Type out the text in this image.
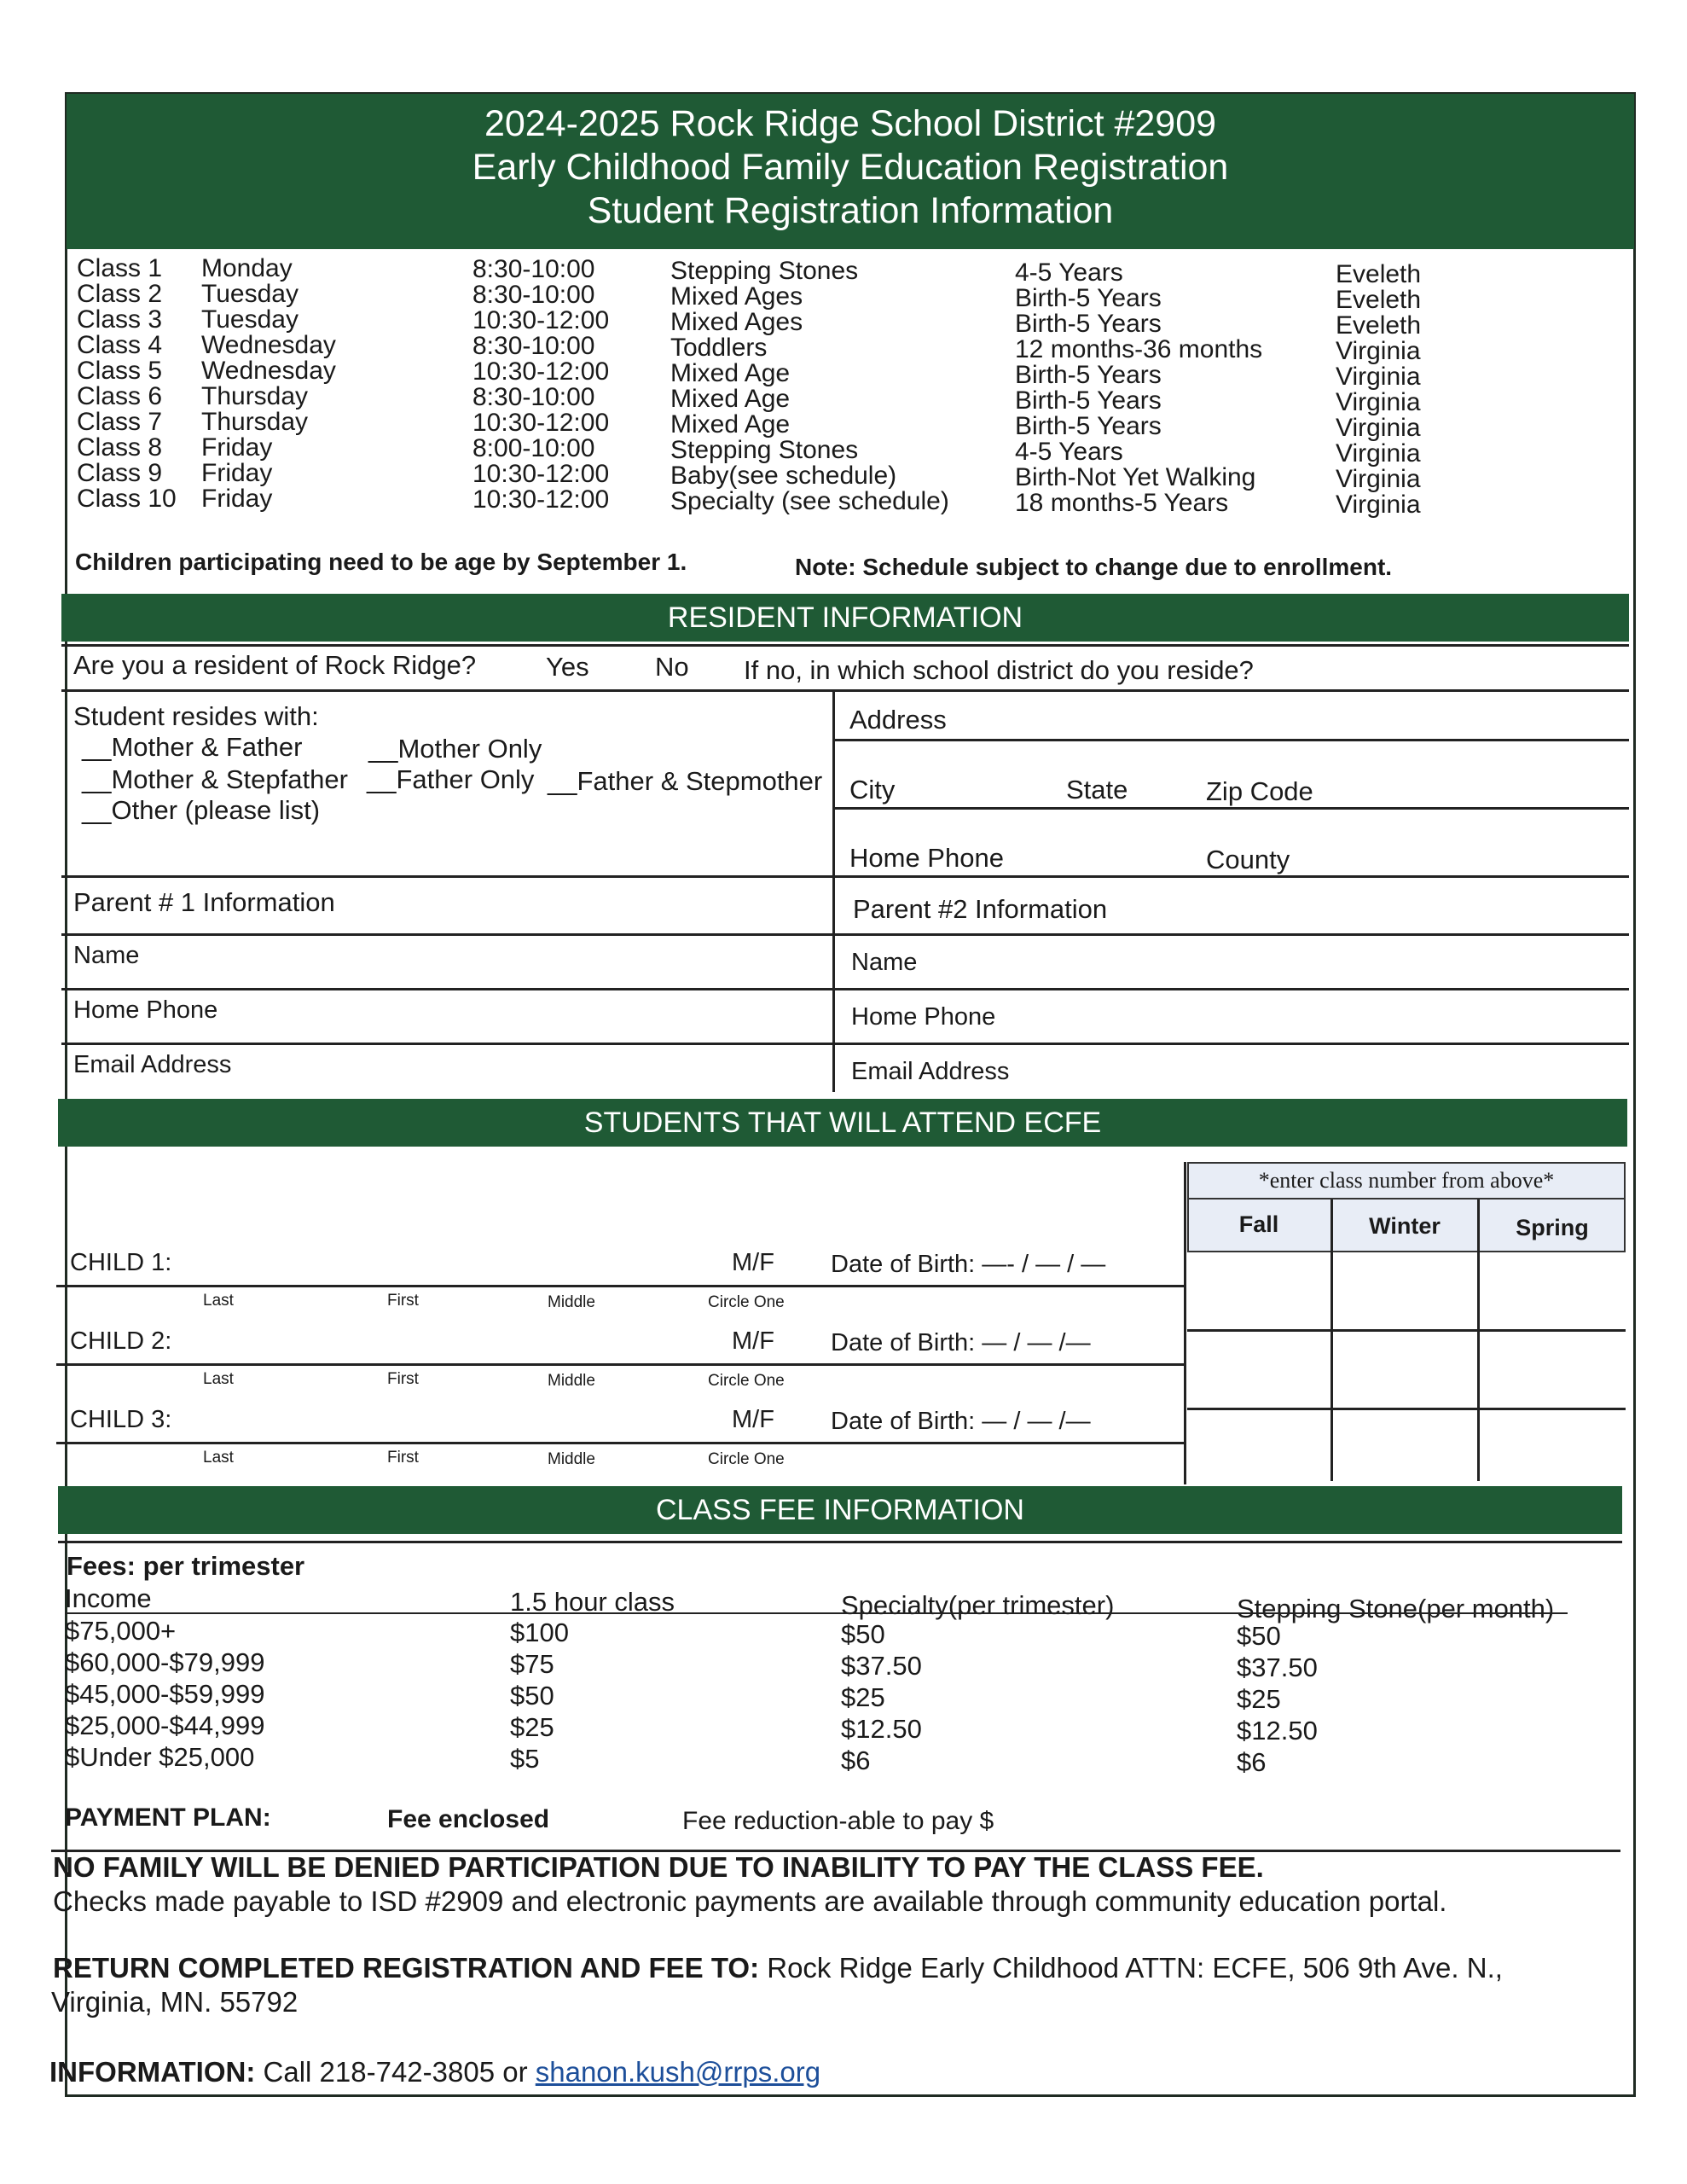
2024-2025 Rock Ridge School District #2909
Early Childhood Family Education Registration
Student Registration Information
Class 1 Monday	8:30-10:00	Stepping Stones	4-5 Years	Eveleth
Class 2 Tuesday	8:30-10:00	Mixed Ages	Birth-5 Years	Eveleth
Class 3 Tuesday	10:30-12:00 Mixed Ages	Birth-5 Years	Eveleth
Class 4 Wednesday	8:30-10:00	Toddlers	12 months-36 months	Virginia
Class 5 Wednesday	10:30-12:00 Mixed Age	Birth-5 Years	Virginia
Class 6 Thursday	8:30-10:00	Mixed Age	Birth-5 Years	Virginia
Class 7 Thursday	10:30-12:00 Mixed Age	Birth-5 Years	Virginia
Class 8 Friday	8:00-10:00	Stepping Stones	4-5 Years	Virginia
Class 9 Friday	10:30-12:00 Baby(see schedule)	Birth-Not Yet Walking	Virginia
Class 10 Friday	10:30-12:00 Specialty (see schedule)	18 months-5 Years	Virginia
Children participating need to be age by September 1.	Note: Schedule subject to change due to enrollment.
RESIDENT INFORMATION
Are you a resident of Rock Ridge?	Yes No If no, in which school district do you reside?
Student resides with:
__Mother & Father	__Mother Only
__Mother & Stepfather __Father Only __Father & Stepmother
__Other (please list)
Address
City	State	Zip Code
Home Phone	County
Parent # 1 Information	Parent #2 Information
Name	Name
Home Phone	Home Phone
Email Address	Email Address
STUDENTS THAT WILL ATTEND ECFE
*enter class number from above*
Fall	Winter	Spring
CHILD 1:	M/F Date of Birth: —- / — / —
Last	First	Middle	Circle One
CHILD 2:	M/F Date of Birth: — / — /—
Last	First	Middle	Circle One
CHILD 3:	M/F Date of Birth: — / — /—
Last	First	Middle	Circle One
CLASS FEE INFORMATION
Fees: per trimester
Income	1.5 hour class	Specialty(per trimester)	Stepping Stone(per month)
$75,000+	$100	$50	$50
$60,000-$79,999	$75	$37.50	$37.50
$45,000-$59,999	$50	$25	$25
$25,000-$44,999	$25	$12.50	$12.50
$Under $25,000	$5	$6	$6
PAYMENT PLAN:	Fee enclosed	Fee reduction-able to pay $
NO FAMILY WILL BE DENIED PARTICIPATION DUE TO INABILITY TO PAY THE CLASS FEE.
Checks made payable to ISD #2909 and electronic payments are available through community education portal.
RETURN COMPLETED REGISTRATION AND FEE TO: Rock Ridge Early Childhood ATTN: ECFE, 506 9th Ave. N.,
Virginia, MN. 55792
INFORMATION: Call 218-742-3805 or shanon.kush@rrps.org
